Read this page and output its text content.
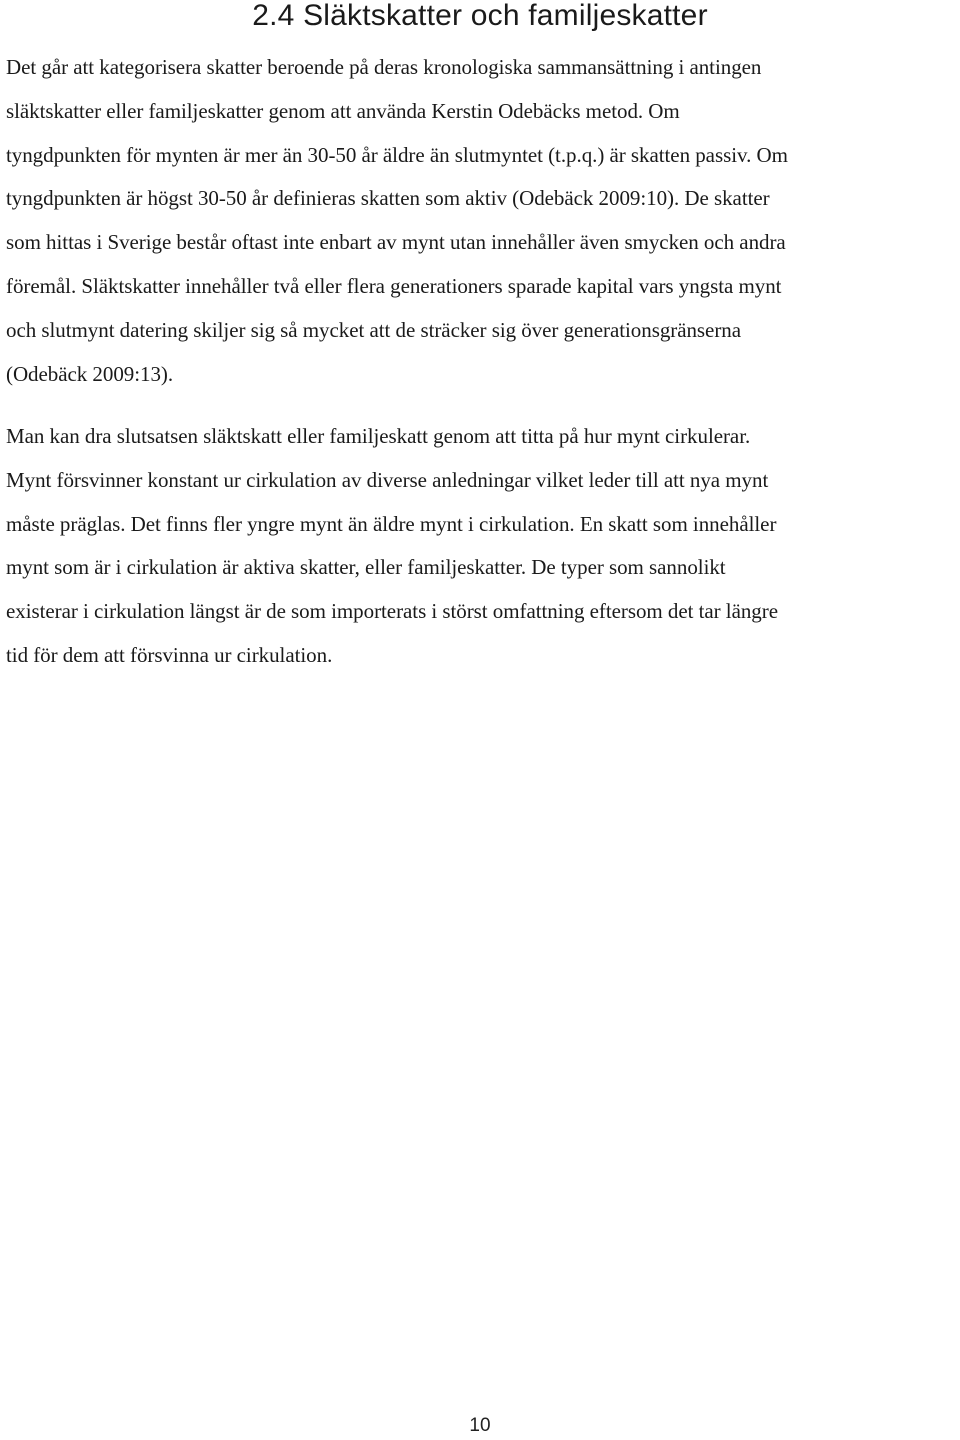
2.4 Släktskatter och familjeskatter

Det går att kategorisera skatter beroende på deras kronologiska sammansättning i antingen
släktskatter eller familjeskatter genom att använda Kerstin Odebäcks metod. Om
tyngdpunkten för mynten är mer än 30-50 år äldre än slutmyntet (t.p.q.) är skatten passiv. Om
tyngdpunkten är högst 30-50 år definieras skatten som aktiv (Odebäck 2009:10). De skatter
som hittas i Sverige består oftast inte enbart av mynt utan innehåller även smycken och andra
föremål. Släktskatter innehåller två eller flera generationers sparade kapital vars yngsta mynt
och slutmynt datering skiljer sig så mycket att de sträcker sig över generationsgränserna
(Odebäck 2009:13).

Man kan dra slutsatsen släktskatt eller familjeskatt genom att titta på hur mynt cirkulerar.
Mynt försvinner konstant ur cirkulation av diverse anledningar vilket leder till att nya mynt
måste präglas. Det finns fler yngre mynt än äldre mynt i cirkulation. En skatt som innehåller
mynt som är i cirkulation är aktiva skatter, eller familjeskatter. De typer som sannolikt
existerar i cirkulation längst är de som importerats i störst omfattning eftersom det tar längre
tid för dem att försvinna ur cirkulation.

10
